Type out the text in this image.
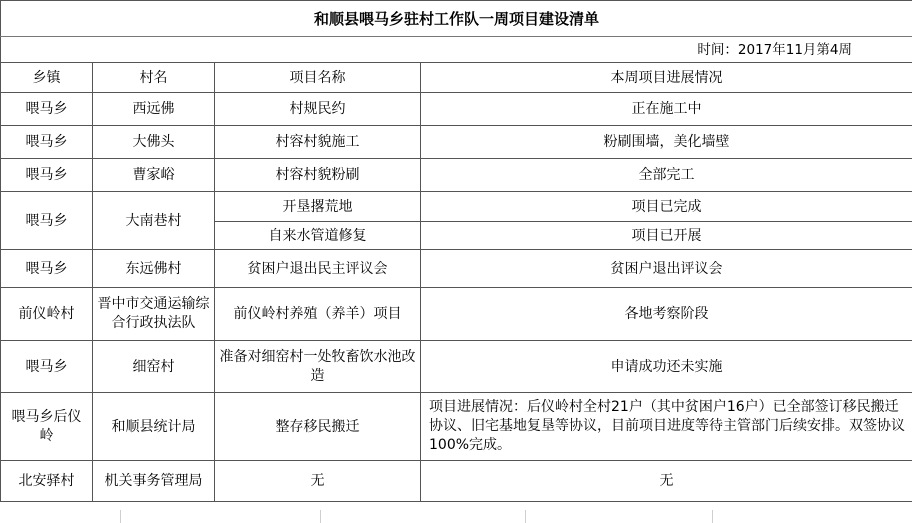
和顺县喂马乡驻村工作队一周项目建设清单			
时间：2017年11月第4周			
乡镇	村名	项目名称	本周项目进展情况
喂马乡	西远佛	村规民约	正在施工中
喂马乡	大佛头	村容村貌施工	粉刷围墙，美化墙壁
喂马乡	曹家峪	村容村貌粉刷	全部完工
喂马乡	大南巷村	开垦撂荒地	项目已完成
		自来水管道修复	项目已开展
喂马乡	东远佛村	贫困户退出民主评议会	贫困户退出评议会
前仪岭村	晋中市交通运输综合行政执法队	前仪岭村养殖（养羊）项目	各地考察阶段
喂马乡	细窑村	准备对细窑村一处牧畜饮水池改造	申请成功还未实施
喂马乡后仪岭	和顺县统计局	整存移民搬迁	项目进展情况：后仪岭村全村21户（其中贫困户16户）已全部签订移民搬迁协议、旧宅基地复垦等协议，目前项目进度等待主管部门后续安排。双签协议100%完成。
北安驿村	机关事务管理局	无	无
